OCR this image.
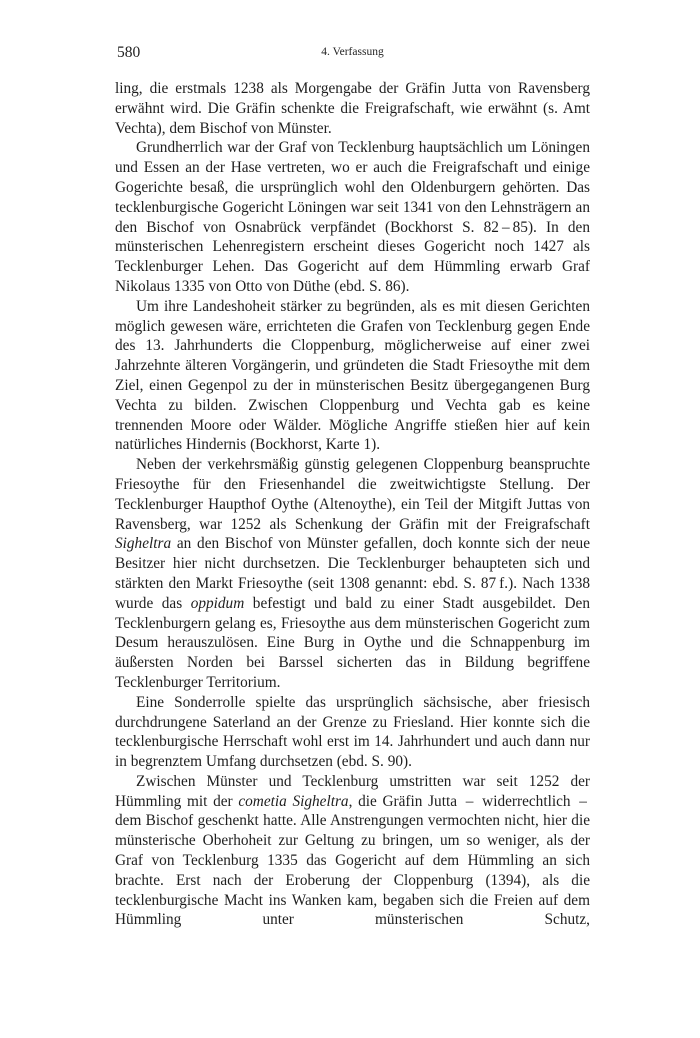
580	4. Verfassung

ling, die erstmals 1238 als Morgengabe der Gräfin Jutta von Ravensberg erwähnt wird. Die Gräfin schenkte die Freigrafschaft, wie erwähnt (s. Amt Vechta), dem Bischof von Münster.

Grundherrlich war der Graf von Tecklenburg hauptsächlich um Löningen und Essen an der Hase vertreten, wo er auch die Freigrafschaft und einige Gogerichte besaß, die ursprünglich wohl den Oldenburgern gehörten. Das tecklenburgische Gogericht Löningen war seit 1341 von den Lehnsträgern an den Bischof von Osnabrück verpfändet (Bockhorst S. 82 – 85). In den münsterischen Lehenregistern erscheint dieses Gogericht noch 1427 als Tecklenburger Lehen. Das Gogericht auf dem Hümmling erwarb Graf Nikolaus 1335 von Otto von Düthe (ebd. S. 86).

Um ihre Landeshoheit stärker zu begründen, als es mit diesen Gerichten möglich gewesen wäre, errichteten die Grafen von Tecklenburg gegen Ende des 13. Jahrhunderts die Cloppenburg, möglicherweise auf einer zwei Jahrzehnte älteren Vorgängerin, und gründeten die Stadt Friesoythe mit dem Ziel, einen Gegenpol zu der in münsterischen Besitz übergegangenen Burg Vechta zu bilden. Zwischen Cloppenburg und Vechta gab es keine trennenden Moore oder Wälder. Mögliche Angriffe stießen hier auf kein natürliches Hindernis (Bockhorst, Karte 1).

Neben der verkehrsmäßig günstig gelegenen Cloppenburg beanspruchte Friesoythe für den Friesenhandel die zweitwichtigste Stellung. Der Tecklenburger Haupthof Oythe (Altenoythe), ein Teil der Mitgift Juttas von Ravensberg, war 1252 als Schenkung der Gräfin mit der Freigrafschaft Sigheltra an den Bischof von Münster gefallen, doch konnte sich der neue Besitzer hier nicht durchsetzen. Die Tecklenburger behaupteten sich und stärkten den Markt Friesoythe (seit 1308 genannt: ebd. S. 87 f.). Nach 1338 wurde das oppidum befestigt und bald zu einer Stadt ausgebildet. Den Tecklenburgern gelang es, Friesoythe aus dem münsterischen Gogericht zum Desum herauszulösen. Eine Burg in Oythe und die Schnappenburg im äußersten Norden bei Barssel sicherten das in Bildung begriffene Tecklenburger Territorium.

Eine Sonderrolle spielte das ursprünglich sächsische, aber friesisch durchdrungene Saterland an der Grenze zu Friesland. Hier konnte sich die tecklenburgische Herrschaft wohl erst im 14. Jahrhundert und auch dann nur in begrenztem Umfang durchsetzen (ebd. S. 90).

Zwischen Münster und Tecklenburg umstritten war seit 1252 der Hümmling mit der cometia Sigheltra, die Gräfin Jutta  –  widerrechtlich  –  dem Bischof geschenkt hatte. Alle Anstrengungen vermochten nicht, hier die münsterische Oberhoheit zur Geltung zu bringen, um so weniger, als der Graf von Tecklenburg 1335 das Gogericht auf dem Hümmling an sich brachte. Erst nach der Eroberung der Cloppenburg (1394), als die tecklenburgische Macht ins Wanken kam, begaben sich die Freien auf dem Hümmling unter münsterischen Schutz,
